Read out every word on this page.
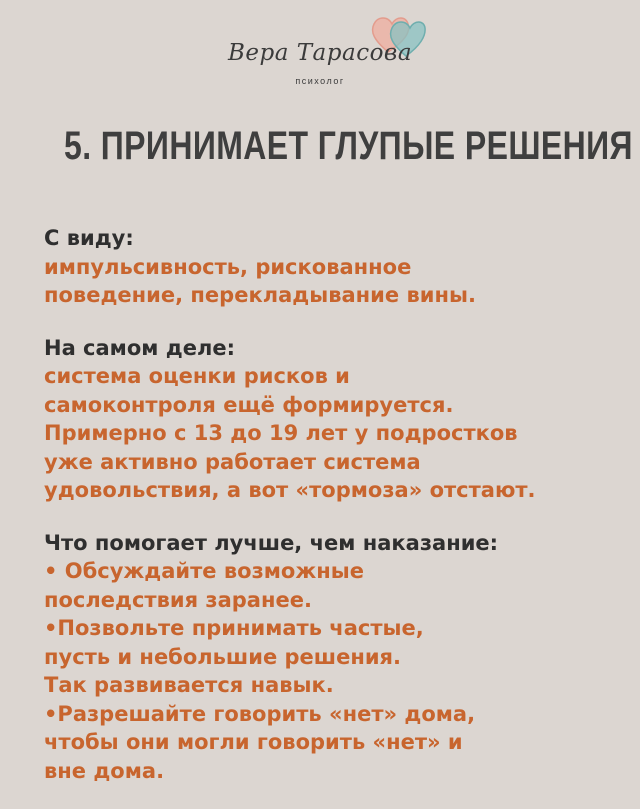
Вера Тарасова
психолог
5. ПРИНИМАЕТ ГЛУПЫЕ РЕШЕНИЯ
С виду:
импульсивность, рискованное
поведение, перекладывание вины.
На самом деле:
система оценки рисков и
самоконтроля ещё формируется.
Примерно с 13 до 19 лет у подростков
уже активно работает система
удовольствия, а вот «тормоза» отстают.
Что помогает лучше, чем наказание:
• Обсуждайте возможные
последствия заранее.
•Позвольте принимать частые,
пусть и небольшие решения.
Так развивается навык.
•Разрешайте говорить «нет» дома,
чтобы они могли говорить «нет» и
вне дома.
